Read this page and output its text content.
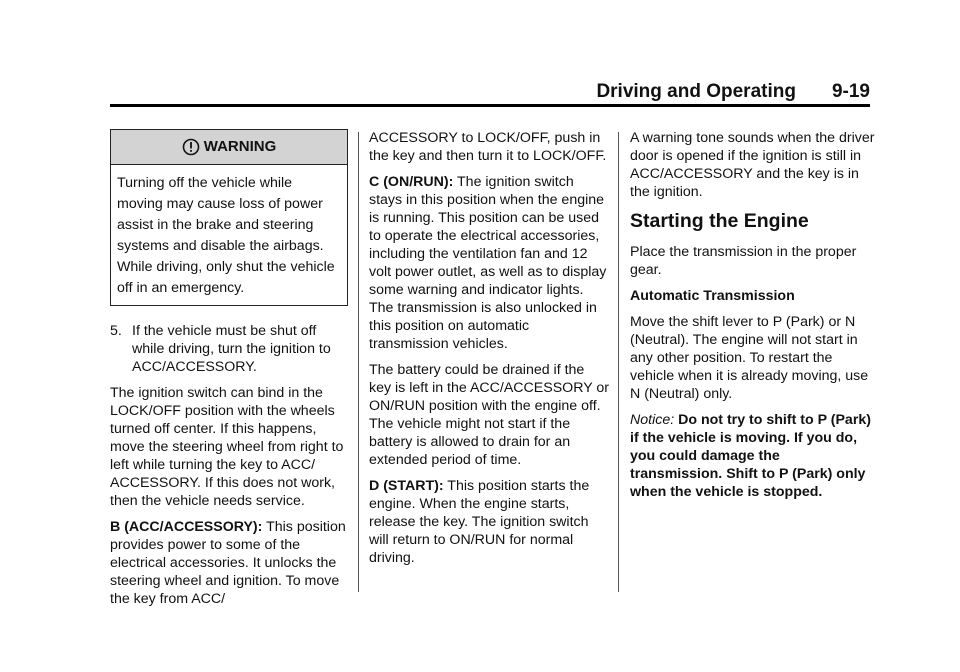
Driving and Operating 9-19
WARNING
Turning off the vehicle while moving may cause loss of power assist in the brake and steering systems and disable the airbags. While driving, only shut the vehicle off in an emergency.
5. If the vehicle must be shut off while driving, turn the ignition to ACC/ACCESSORY.

The ignition switch can bind in the LOCK/OFF position with the wheels turned off center. If this happens, move the steering wheel from right to left while turning the key to ACC/ ACCESSORY. If this does not work, then the vehicle needs service.

B (ACC/ACCESSORY): This position provides power to some of the electrical accessories. It unlocks the steering wheel and ignition. To move the key from ACC/

ACCESSORY to LOCK/OFF, push in the key and then turn it to LOCK/OFF.

C (ON/RUN): The ignition switch stays in this position when the engine is running. This position can be used to operate the electrical accessories, including the ventilation fan and 12 volt power outlet, as well as to display some warning and indicator lights. The transmission is also unlocked in this position on automatic transmission vehicles.

The battery could be drained if the key is left in the ACC/ACCESSORY or ON/RUN position with the engine off. The vehicle might not start if the battery is allowed to drain for an extended period of time.

D (START): This position starts the engine. When the engine starts, release the key. The ignition switch will return to ON/RUN for normal driving.

A warning tone sounds when the driver door is opened if the ignition is still in ACC/ACCESSORY and the key is in the ignition.

Starting the Engine

Place the transmission in the proper gear.

Automatic Transmission

Move the shift lever to P (Park) or N (Neutral). The engine will not start in any other position. To restart the vehicle when it is already moving, use N (Neutral) only.

Notice: Do not try to shift to P (Park) if the vehicle is moving. If you do, you could damage the transmission. Shift to P (Park) only when the vehicle is stopped.
